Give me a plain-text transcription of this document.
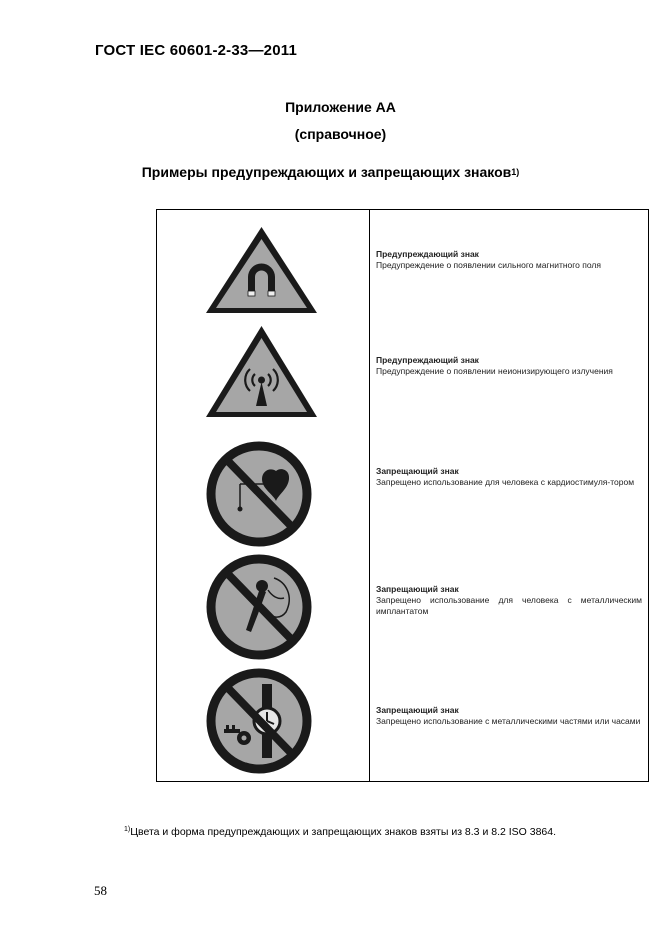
ГОСТ IEC 60601-2-33—2011
Приложение АА
(справочное)
Примеры предупреждающих и запрещающих знаков$^{1)}$

Предупреждающий знак
Предупреждение о появлении сильного магнитного поля
Предупреждающий знак
Предупреждение о появлении неионизирующего излучения
Запрещающий знак
Запрещено использование для человека с кардиостимуля-тором
Запрещающий знак
Запрещено использование для человека с металлическим имплантатом
Запрещающий знак
Запрещено использование с металлическими частями или часами
$^{1)}$Цвета и форма предупреждающих и запрещающих знаков взяты из 8.3 и 8.2 ISO 3864.
58
